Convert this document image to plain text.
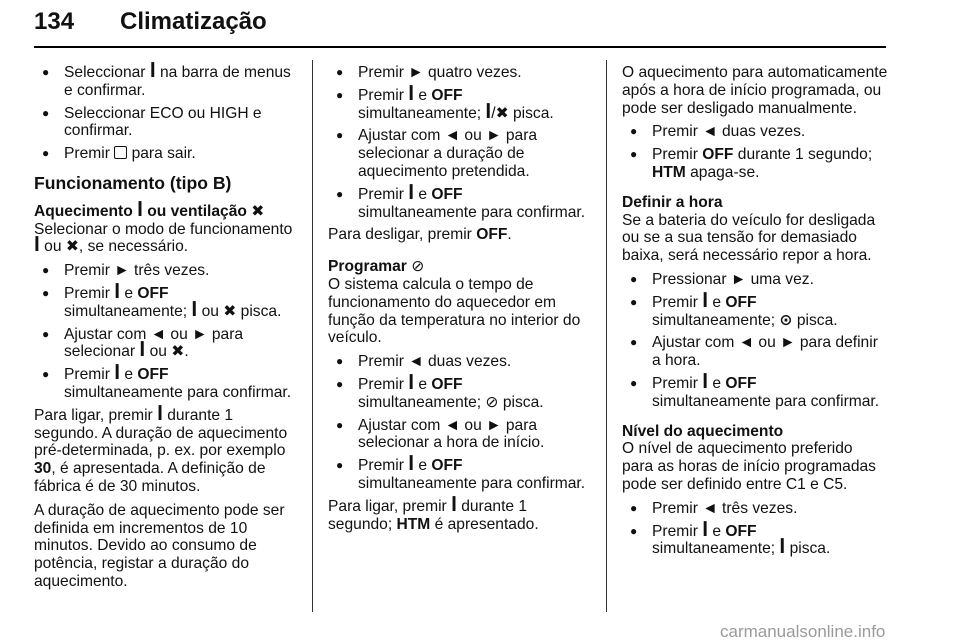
134 Climatização
● Seleccionar ꟾ na barra de menus e confirmar.
● Seleccionar ECO ou HIGH e confirmar.
● Premir  para sair.
Funcionamento (tipo B)
Aquecimento ꟾ ou ventilação ✖

Selecionar o modo de funcionamento ꟾ ou ✖, se necessário.

● Premir ► três vezes.
● Premir ꟾ e OFF
simultaneamente; ꟾ ou ✖ pisca.
● Ajustar com ◄ ou ► para selecionar ꟾ ou ✖.
● Premir ꟾ e OFF
simultaneamente para confirmar.

Para ligar, premir ꟾ durante 1 segundo. A duração de aquecimento pré-determinada, p. ex. por exemplo 30, é apresentada. A definição de fábrica é de 30 minutos.

A duração de aquecimento pode ser definida em incrementos de 10 minutos. Devido ao consumo de potência, registar a duração do aquecimento.

● Premir ► quatro vezes.
● Premir ꟾ e OFF
simultaneamente; ꟾ/✖ pisca.
● Ajustar com ◄ ou ► para selecionar a duração de aquecimento pretendida.
● Premir ꟾ e OFF
simultaneamente para confirmar.

Para desligar, premir OFF.

Programar ⊘

O sistema calcula o tempo de funcionamento do aquecedor em função da temperatura no interior do veículo.

● Premir ◄ duas vezes.
● Premir ꟾ e OFF
simultaneamente; ⊘ pisca.
● Ajustar com ◄ ou ► para selecionar a hora de início.
● Premir ꟾ e OFF
simultaneamente para confirmar.

Para ligar, premir ꟾ durante 1 segundo; HTM é apresentado.

O aquecimento para automaticamente após a hora de início programada, ou pode ser desligado manualmente.

● Premir ◄ duas vezes.
● Premir OFF durante 1 segundo; HTM apaga-se.
Definir a hora

Se a bateria do veículo for desligada ou se a sua tensão for demasiado baixa, será necessário repor a hora.

● Pressionar ► uma vez.
● Premir ꟾ e OFF
simultaneamente; ⊙ pisca.
● Ajustar com ◄ ou ► para definir a hora.
● Premir ꟾ e OFF
simultaneamente para confirmar.
Nível do aquecimento

O nível de aquecimento preferido para as horas de início programadas pode ser definido entre C1 e C5.

● Premir ◄ três vezes.
● Premir ꟾ e OFF
simultaneamente; ꟾ pisca.
carmanualsonline.info
